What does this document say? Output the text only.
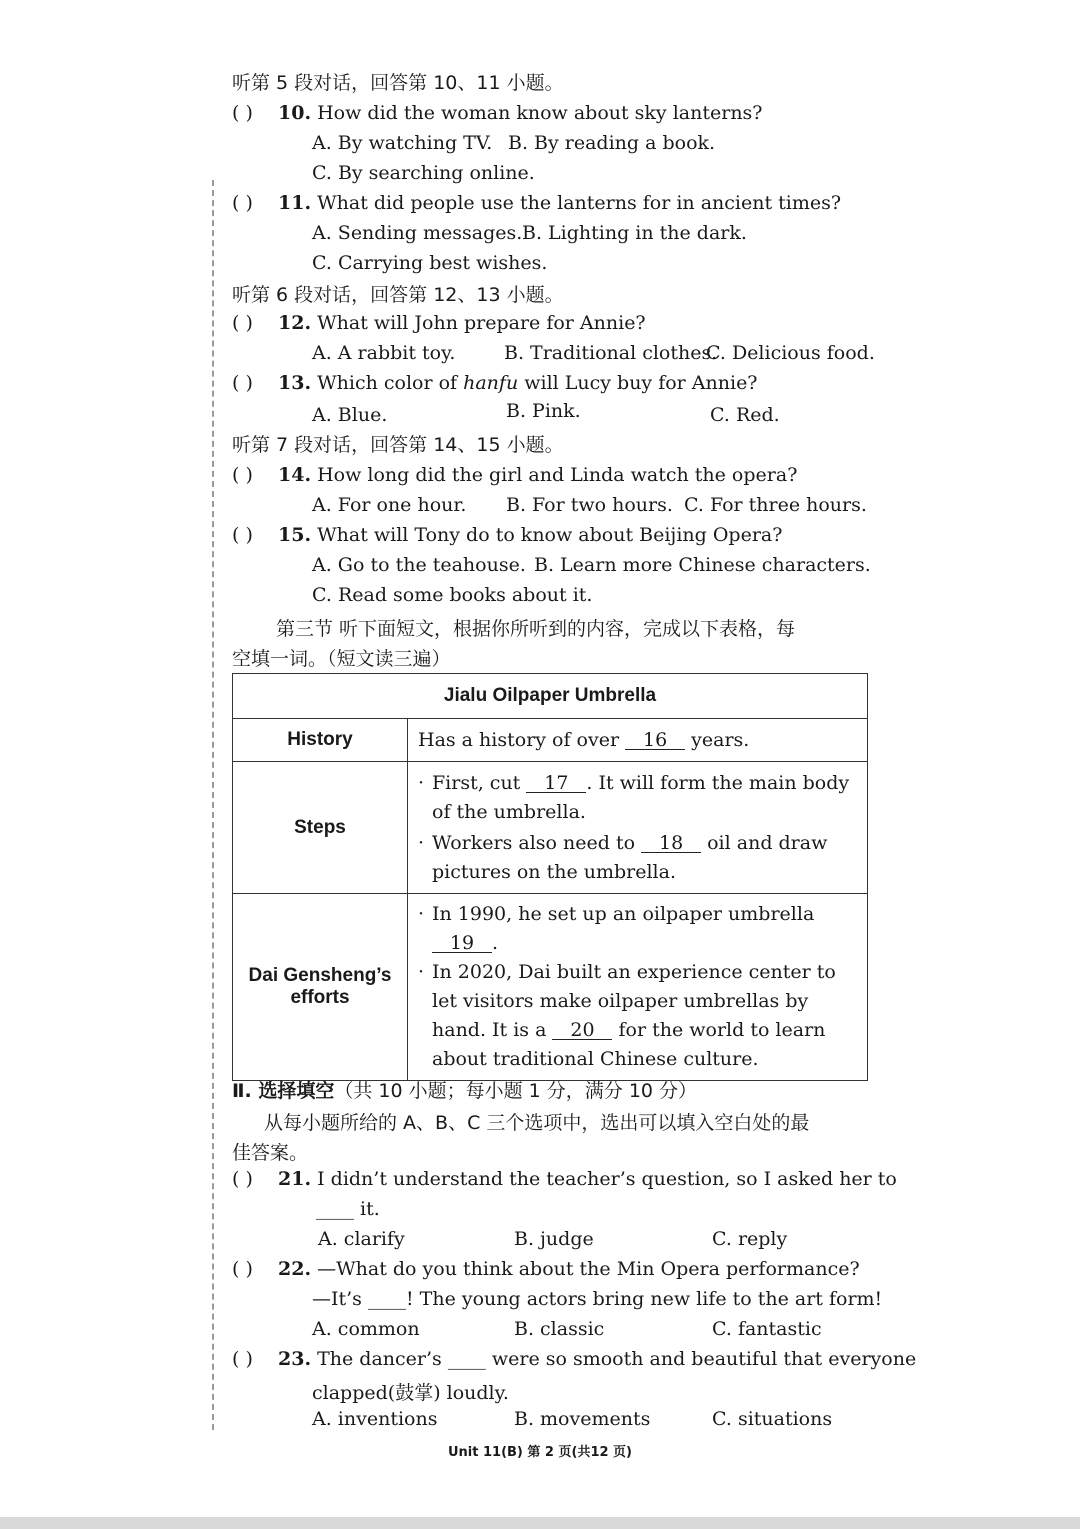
听第 5 段对话，回答第 10、11 小题。
( ) 10. How did the woman know about sky lanterns?
A. By watching TV. B. By reading a book.
C. By searching online.
( ) 11. What did people use the lanterns for in ancient times?
A. Sending messages. B. Lighting in the dark.
C. Carrying best wishes.
听第 6 段对话，回答第 12、13 小题。
( ) 12. What will John prepare for Annie?
A. A rabbit toy.	B. Traditional clothes.
C. Delicious food.
( ) 13. Which color of hanfu will Lucy buy for Annie?
A. Blue.	B. Pink.	C. Red.
听第 7 段对话，回答第 14、15 小题。
( ) 14. How long did the girl and Linda watch the opera?
A. For one hour. B. For two hours. C. For three hours.
( ) 15. What will Tony do to know about Beijing Opera?
A. Go to the teahouse. B. Learn more Chinese characters.
C. Read some books about it.
第三节 听下面短文，根据你所听到的内容，完成以下表格，每
空填一词。（短文读三遍）
Jialu Oilpaper Umbrella	
History	Has a history of over 16 years.
Steps	· First, cut 17 . It will form the main body of the umbrella.
· Workers also need to 18 oil and draw pictures on the umbrella.

Dai Gensheng’s efforts	· In 1990, he set up an oilpaper umbrella 19 .
· In 2020, Dai built an experience center to let visitors make oilpaper umbrellas by hand. It is a 20 for the world to learn about traditional Chinese culture.
Ⅱ. 选择填空（共 10 小题；每小题 1 分，满分 10 分）
从每小题所给的 A、B、C 三个选项中，选出可以填入空白处的最
佳答案。
( ) 21. I didn’t understand the teacher’s question, so I asked her to
____ it.
A. clarify	B. judge	C. reply
( ) 22. —What do you think about the Min Opera performance?
—It’s ____! The young actors bring new life to the art form!
A. common	B. classic	C. fantastic
( ) 23. The dancer’s ____ were so smooth and beautiful that everyone
clapped(鼓掌) loudly.
A. inventions	B. movements	C. situations
Unit 11(B) 第 2 页(共12 页)
